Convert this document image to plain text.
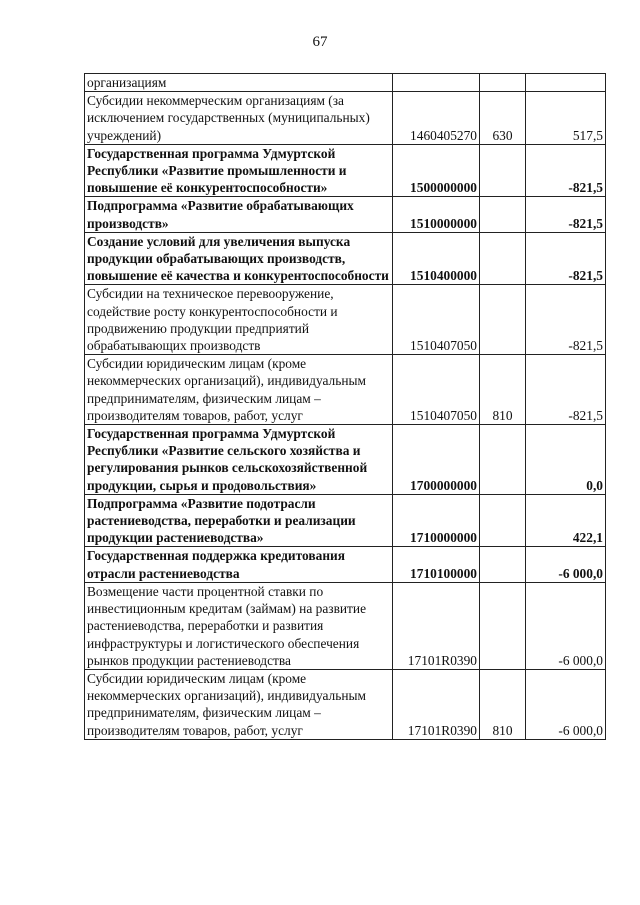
67
организациям			
Субсидии некоммерческим организациям (за исключением государственных (муниципальных) учреждений)	1460405270	630	517,5
Государственная программа Удмуртской Республики «Развитие промышленности и повышение её конкурентоспособности»	1500000000		-821,5
Подпрограмма «Развитие обрабатывающих производств»	1510000000		-821,5
Создание условий для увеличения выпуска продукции обрабатывающих производств, повышение её качества и конкурентоспособности	1510400000		-821,5
Субсидии на техническое перевооружение, содействие росту конкурентоспособности и продвижению продукции предприятий обрабатывающих производств	1510407050		-821,5
Субсидии юридическим лицам (кроме некоммерческих организаций), индивидуальным предпринимателям, физическим лицам – производителям товаров, работ, услуг	1510407050	810	-821,5
Государственная программа Удмуртской Республики «Развитие сельского хозяйства и регулирования рынков сельскохозяйственной продукции, сырья и продовольствия»	1700000000		0,0
Подпрограмма «Развитие подотрасли растениеводства, переработки и реализации продукции растениеводства»	1710000000		422,1
Государственная поддержка кредитования отрасли растениеводства	1710100000		-6 000,0
Возмещение части процентной ставки по инвестиционным кредитам (займам) на развитие растениеводства, переработки и развития инфраструктуры и логистического обеспечения рынков продукции растениеводства	17101R0390		-6 000,0
Субсидии юридическим лицам (кроме некоммерческих организаций), индивидуальным предпринимателям, физическим лицам – производителям товаров, работ, услуг	17101R0390	810	-6 000,0
